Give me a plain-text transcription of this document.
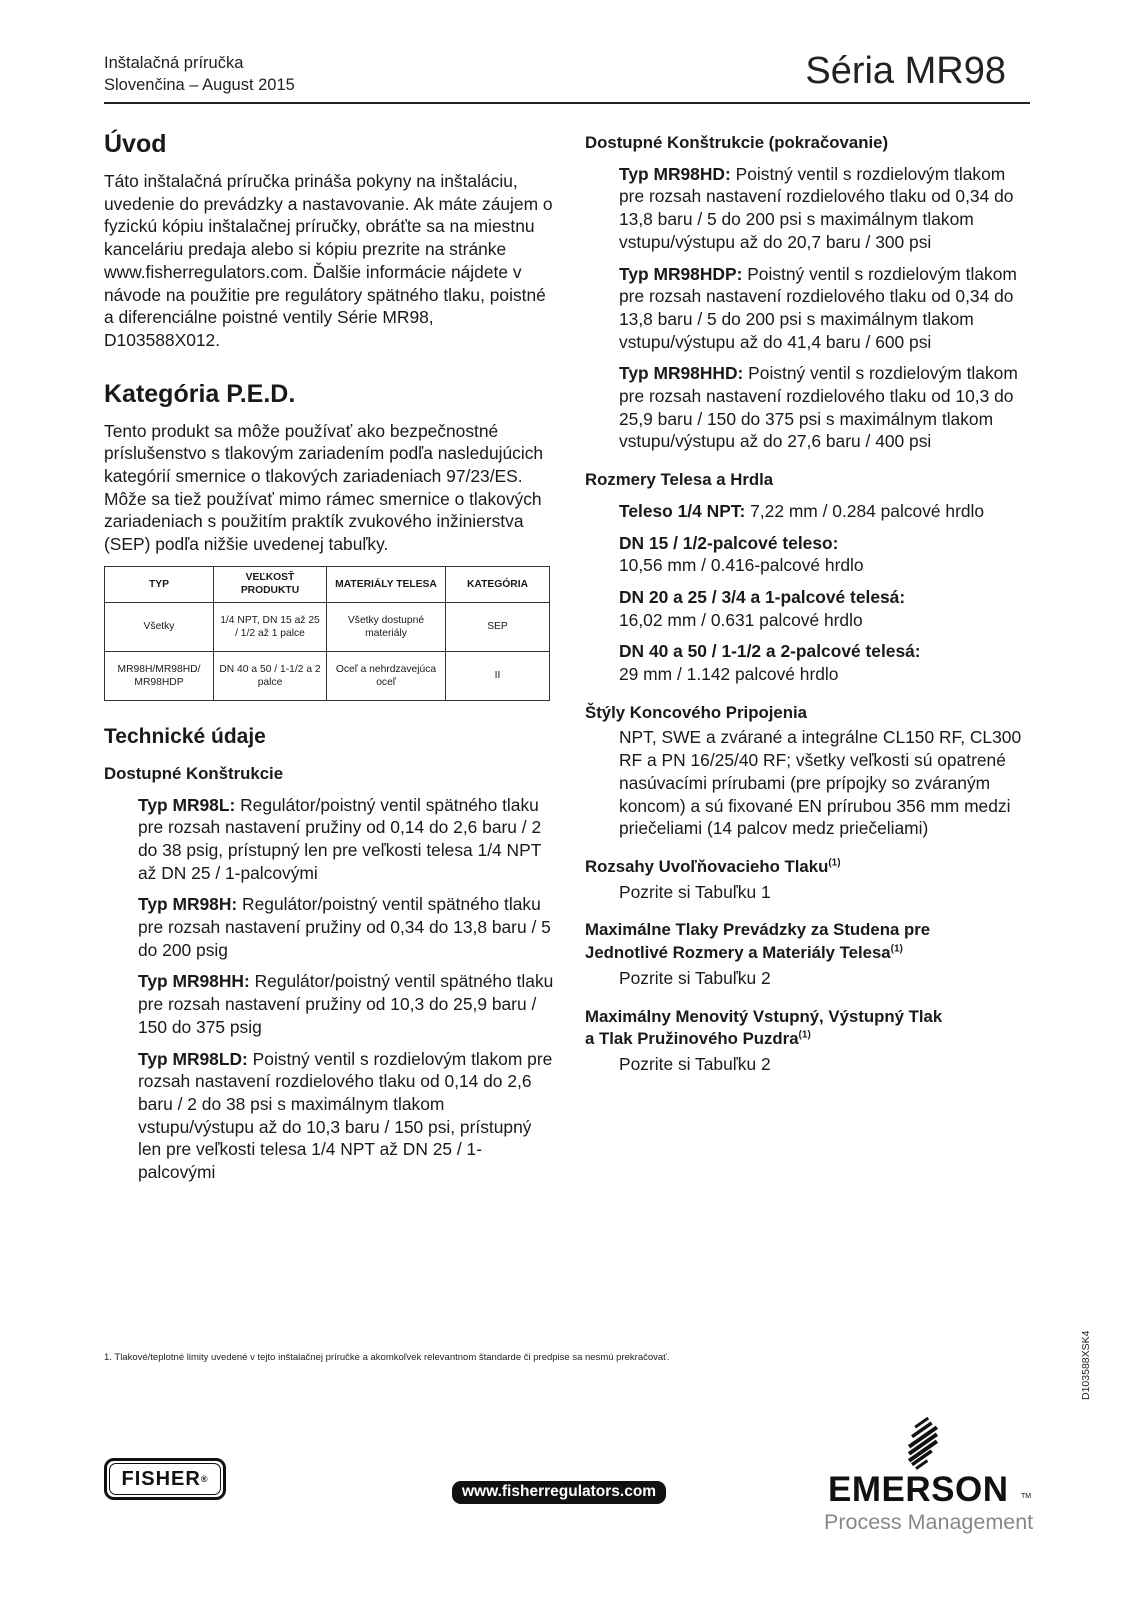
Inštalačná príručka
Slovenčina – August 2015	Séria MR98
Úvod
Táto inštalačná príručka prináša pokyny na inštaláciu, uvedenie do prevádzky a nastavovanie. Ak máte záujem o fyzickú kópiu inštalačnej príručky, obráťte sa na miestnu kanceláriu predaja alebo si kópiu prezrite na stránke www.fisherregulators.com. Ďalšie informácie nájdete v návode na použitie pre regulátory spätného tlaku, poistné a diferenciálne poistné ventily Série MR98, D103588X012.
Kategória P.E.D.
Tento produkt sa môže používať ako bezpečnostné príslušenstvo s tlakovým zariadením podľa nasledujúcich kategórií smernice o tlakových zariadeniach 97/23/ES. Môže sa tiež používať mimo rámec smernice o tlakových zariadeniach s použitím praktík zvukového inžinierstva (SEP) podľa nižšie uvedenej tabuľky.
TYP	VEĽKOSŤ PRODUKTU	MATERIÁLY TELESA	KATEGÓRIA
Všetky	1/4 NPT, DN 15 až 25 / 1/2 až 1 palce	Všetky dostupné materiály	SEP
MR98H/MR98HD/ MR98HDP	DN 40 a 50 / 1-1/2 a 2 palce	Oceľ a nehrdzavejúca oceľ	II
Technické údaje
Dostupné Konštrukcie
Typ MR98L: Regulátor/poistný ventil spätného tlaku pre rozsah nastavení pružiny od 0,14 do 2,6 baru / 2 do 38 psig, prístupný len pre veľkosti telesa 1/4 NPT až DN 25 / 1-palcovými
Typ MR98H: Regulátor/poistný ventil spätného tlaku pre rozsah nastavení pružiny od 0,34 do 13,8 baru / 5 do 200 psig
Typ MR98HH: Regulátor/poistný ventil spätného tlaku pre rozsah nastavení pružiny od 10,3 do 25,9 baru / 150 do 375 psig
Typ MR98LD: Poistný ventil s rozdielovým tlakom pre rozsah nastavení rozdielového tlaku od 0,14 do 2,6 baru / 2 do 38 psi s maximálnym tlakom vstupu/výstupu až do 10,3 baru / 150 psi, prístupný len pre veľkosti telesa 1/4 NPT až DN 25 / 1-palcovými
Dostupné Konštrukcie (pokračovanie)
Typ MR98HD: Poistný ventil s rozdielovým tlakom pre rozsah nastavení rozdielového tlaku od 0,34 do 13,8 baru / 5 do 200 psi s maximálnym tlakom vstupu/výstupu až do 20,7 baru / 300 psi
Typ MR98HDP: Poistný ventil s rozdielovým tlakom pre rozsah nastavení rozdielového tlaku od 0,34 do 13,8 baru / 5 do 200 psi s maximálnym tlakom vstupu/výstupu až do 41,4 baru / 600 psi
Typ MR98HHD: Poistný ventil s rozdielovým tlakom pre rozsah nastavení rozdielového tlaku od 10,3 do 25,9 baru / 150 do 375 psi s maximálnym tlakom vstupu/výstupu až do 27,6 baru / 400 psi
Rozmery Telesa a Hrdla
Teleso 1/4 NPT: 7,22 mm / 0.284 palcové hrdlo
DN 15 / 1/2-palcové teleso:
10,56 mm / 0.416-palcové hrdlo
DN 20 a 25 / 3/4 a 1-palcové telesá:
16,02 mm / 0.631 palcové hrdlo
DN 40 a 50 / 1-1/2 a 2-palcové telesá:
29 mm / 1.142 palcové hrdlo
Štýly Koncového Pripojenia
NPT, SWE a zvárané a integrálne CL150 RF, CL300 RF a PN 16/25/40 RF; všetky veľkosti sú opatrené nasúvacími prírubami (pre prípojky so zváraným koncom) a sú fixované EN prírubou 356 mm medzi priečeliami (14 palcov medz priečeliami)
Rozsahy Uvoľňovacieho Tlaku$^{(1)}$
Pozrite si Tabuľku 1
Maximálne Tlaky Prevádzky za Studena pre
Jednotlivé Rozmery a Materiály Telesa$^{(1)}$
Pozrite si Tabuľku 2
Maximálny Menovitý Vstupný, Výstupný Tlak
a Tlak Pružinového Puzdra$^{(1)}$
Pozrite si Tabuľku 2
1. Tlakové/teplotné limity uvedené v tejto inštalačnej príručke a akomkoľvek relevantnom štandarde či predpise sa nesmú prekračovať.	D103588XSK4
FISHER ®
www.fisherregulators.com	EMERSON TM
Process Management
